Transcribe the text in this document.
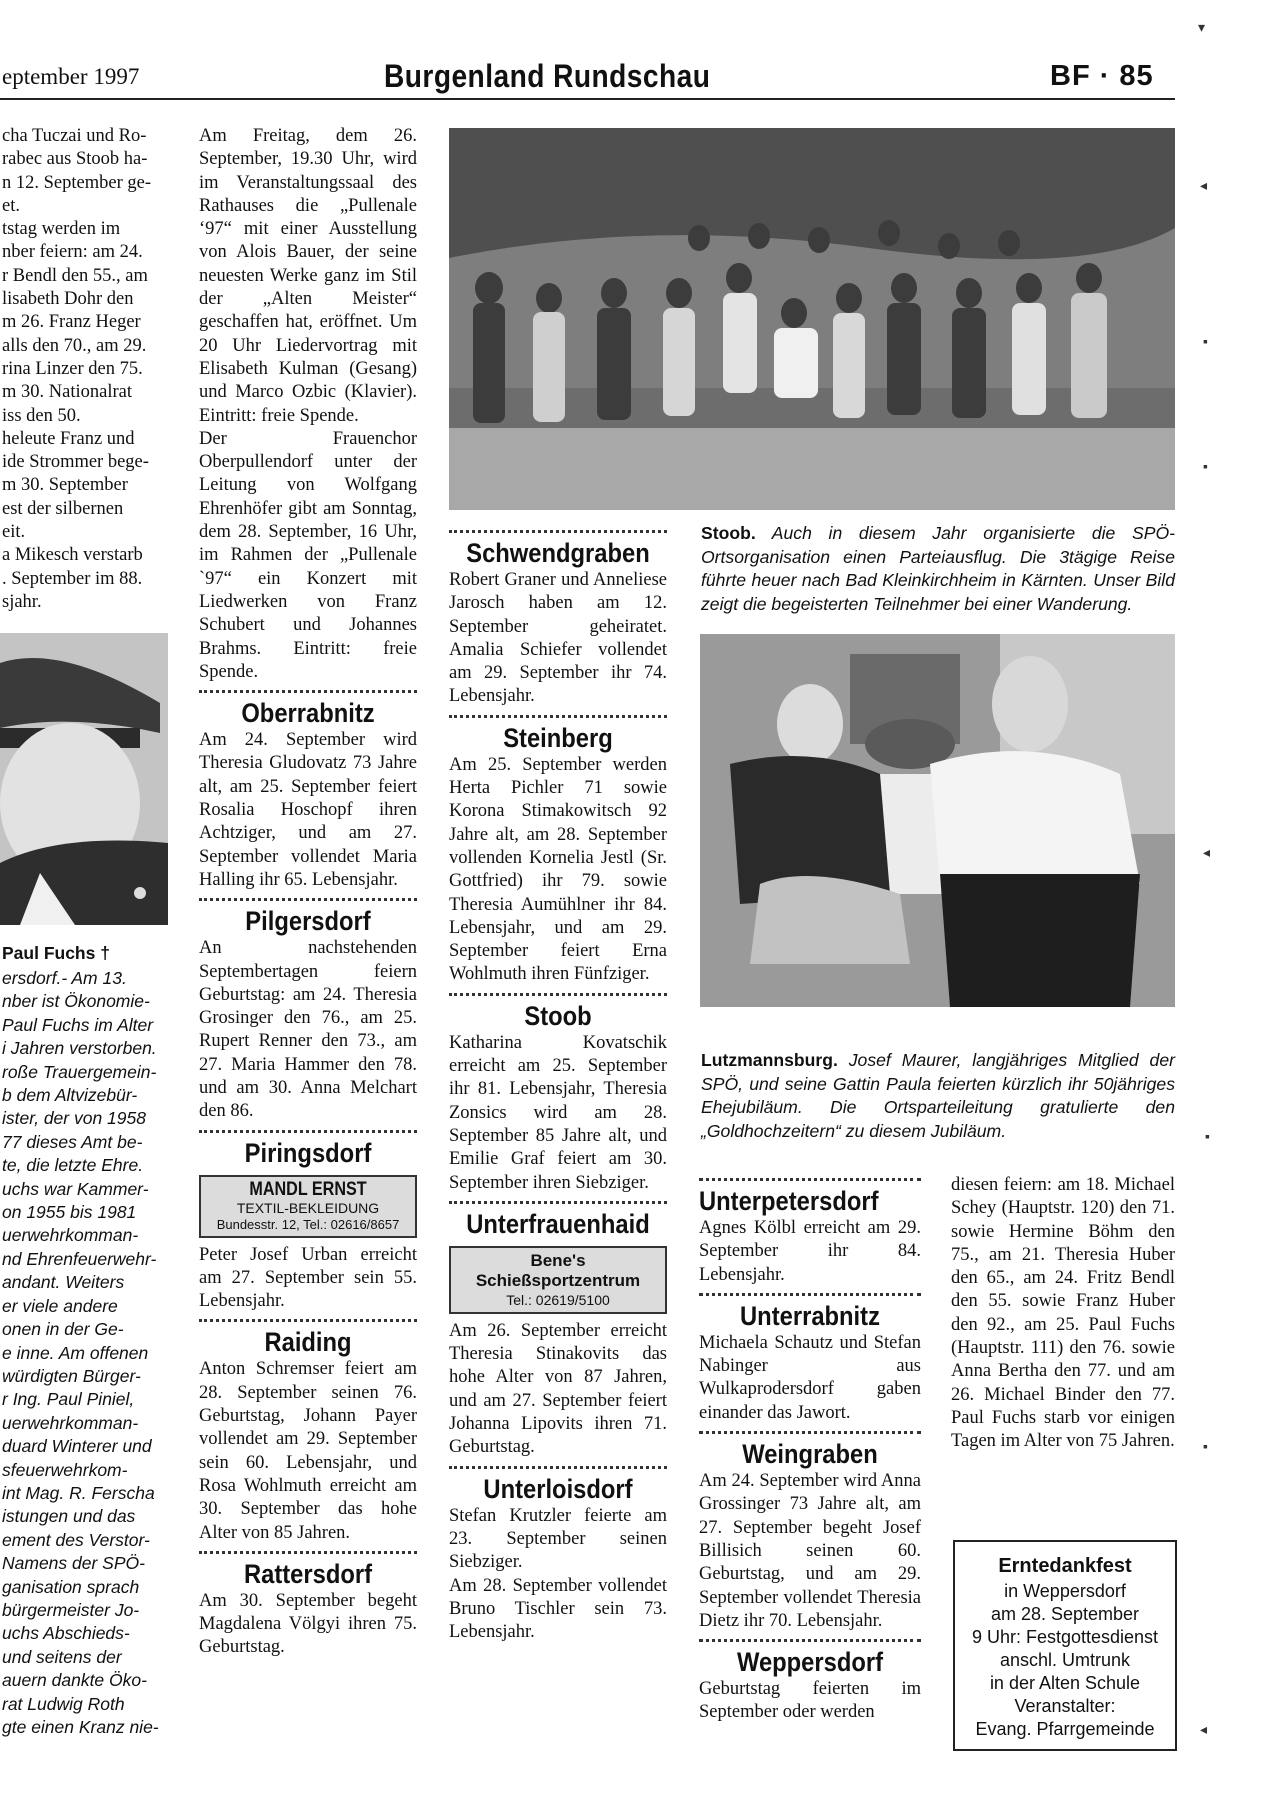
eptember 1997	Burgenland Rundschau	BF · 85
cha Tuczai und Ro-
rabec aus Stoob ha-
n 12. September ge-
et.
tstag werden im
nber feiern: am 24.
r Bendl den 55., am
lisabeth Dohr den
m 26. Franz Heger
alls den 70., am 29.
rina Linzer den 75.
m 30. Nationalrat
iss den 50.
heleute Franz und
ide Strommer bege-
m 30. September
est der silbernen
eit.
a Mikesch verstarb
. September im 88.
sjahr.
Paul Fuchs †
ersdorf.- Am 13.
nber ist Ökonomie-
Paul Fuchs im Alter
i Jahren verstorben.
roße Trauergemein-
b dem Altvizebür-
ister, der von 1958
77 dieses Amt be-
te, die letzte Ehre.
uchs war Kammer-
on 1955 bis 1981
uerwehrkomman-
nd Ehrenfeuerwehr-
andant. Weiters
er viele andere
onen in der Ge-
e inne. Am offenen
würdigten Bürger-
r Ing. Paul Piniel,
uerwehrkomman-
duard Winterer und
sfeuerwehrkom-
int Mag. R. Ferscha
istungen und das
ement des Verstor-
Namens der SPÖ-
ganisation sprach
bürgermeister Jo-
uchs Abschieds-
und seitens der
auern dankte Öko-
rat Ludwig Roth
gte einen Kranz nie-

Am Freitag, dem 26. September, 19.30 Uhr, wird im Veranstaltungssaal des Rathauses die „Pullenale ‘97“ mit einer Ausstellung von Alois Bauer, der seine neuesten Werke ganz im Stil der „Alten Meister“ geschaffen hat, eröffnet. Um 20 Uhr Liedervortrag mit Elisabeth Kulman (Gesang) und Marco Ozbic (Klavier). Eintritt: freie Spende.

Der Frauenchor Oberpullendorf unter der Leitung von Wolfgang Ehrenhöfer gibt am Sonntag, dem 28. September, 16 Uhr, im Rahmen der „Pullenale `97“ ein Konzert mit Liedwerken von Franz Schubert und Johannes Brahms. Eintritt: freie Spende.

Oberrabnitz

Am 24. September wird Theresia Gludovatz 73 Jahre alt, am 25. September feiert Rosalia Hoschopf ihren Achtziger, und am 27. September vollendet Maria Halling ihr 65. Lebensjahr.

Pilgersdorf

An nachstehenden Septembertagen feiern Geburtstag: am 24. Theresia Grosinger den 76., am 25. Rupert Renner den 73., am 27. Maria Hammer den 78. und am 30. Anna Melchart den 86.

Piringsdorf
MANDL ERNST
TEXTIL-BEKLEIDUNG
Bundesstr. 12, Tel.: 02616/8657

Peter Josef Urban erreicht am 27. September sein 55. Lebensjahr.

Raiding

Anton Schremser feiert am 28. September seinen 76. Geburtstag, Johann Payer vollendet am 29. September sein 60. Lebensjahr, und Rosa Wohlmuth erreicht am 30. September das hohe Alter von 85 Jahren.

Rattersdorf

Am 30. September begeht Magdalena Völgyi ihren 75. Geburtstag.

Stoob. Auch in diesem Jahr organisierte die SPÖ-Ortsorganisation einen Parteiausflug. Die 3tägige Reise führte heuer nach Bad Kleinkirchheim in Kärnten. Unser Bild zeigt die begeisterten Teilnehmer bei einer Wanderung.
Schwendgraben

Robert Graner und Anneliese Jarosch haben am 12. September geheiratet. Amalia Schiefer vollendet am 29. September ihr 74. Lebensjahr.

Steinberg

Am 25. September werden Herta Pichler 71 sowie Korona Stimakowitsch 92 Jahre alt, am 28. September vollenden Kornelia Jestl (Sr. Gottfried) ihr 79. sowie Theresia Aumühlner ihr 84. Lebensjahr, und am 29. September feiert Erna Wohlmuth ihren Fünfziger.

Stoob

Katharina Kovatschik erreicht am 25. September ihr 81. Lebensjahr, Theresia Zonsics wird am 28. September 85 Jahre alt, und Emilie Graf feiert am 30. September ihren Siebziger.

Unterfrauenhaid
Bene's
Schießsportzentrum
Tel.: 02619/5100

Am 26. September erreicht Theresia Stinakovits das hohe Alter von 87 Jahren, und am 27. September feiert Johanna Lipovits ihren 71. Geburtstag.

Unterloisdorf

Stefan Krutzler feierte am 23. September seinen Siebziger.

Am 28. September vollendet Bruno Tischler sein 73. Lebensjahr.

Lutzmannsburg. Josef Maurer, langjähriges Mitglied der SPÖ, und seine Gattin Paula feierten kürzlich ihr 50jähriges Ehejubiläum. Die Ortsparteileitung gratulierte den „Goldhochzeitern“ zu diesem Jubiläum.
Unterpetersdorf

Agnes Kölbl erreicht am 29. September ihr 84. Lebensjahr.

Unterrabnitz

Michaela Schautz und Stefan Nabinger aus Wulkaprodersdorf gaben einander das Jawort.

Weingraben

Am 24. September wird Anna Grossinger 73 Jahre alt, am 27. September begeht Josef Billisich seinen 60. Geburtstag, und am 29. September vollendet Theresia Dietz ihr 70. Lebensjahr.

Weppersdorf

Geburtstag feierten im September oder werden

diesen feiern: am 18. Michael Schey (Hauptstr. 120) den 71. sowie Hermine Böhm den 75., am 21. Theresia Huber den 65., am 24. Fritz Bendl den 55. sowie Franz Huber den 92., am 25. Paul Fuchs (Hauptstr. 111) den 76. sowie Anna Bertha den 77. und am 26. Michael Binder den 77. Paul Fuchs starb vor einigen Tagen im Alter von 75 Jahren.

Erntedankfest
in Weppersdorf
am 28. September
9 Uhr: Festgottesdienst
anschl. Umtrunk
in der Alten Schule
Veranstalter:
Evang. Pfarrgemeinde
▾
◂
▪
▪
◂
▪
▪
◂
